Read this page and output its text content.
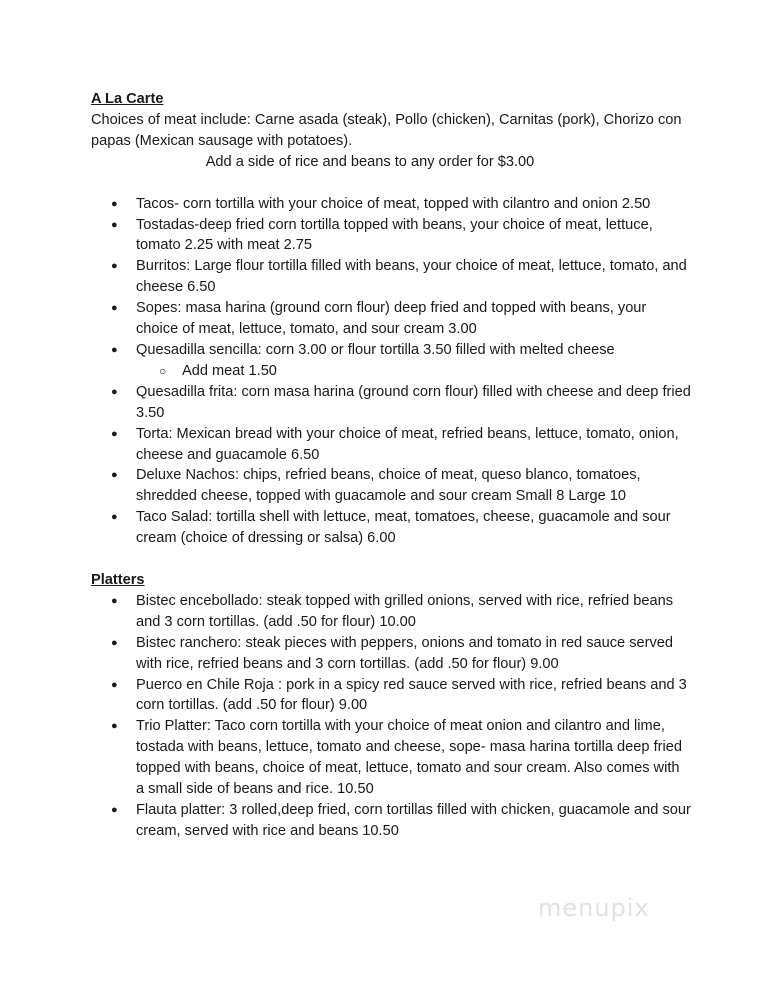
A La Carte
Choices of meat include: Carne asada (steak), Pollo (chicken), Carnitas (pork), Chorizo con papas (Mexican sausage with potatoes).
Add a side of rice and beans to any order for $3.00
● Tacos- corn tortilla with your choice of meat, topped with cilantro and onion 2.50
● Tostadas-deep fried corn tortilla topped with beans, your choice of meat, lettuce, tomato 2.25 with meat 2.75
● Burritos: Large flour tortilla filled with beans, your choice of meat, lettuce, tomato, and cheese 6.50
● Sopes: masa harina (ground corn flour) deep fried and topped with beans, your choice of meat, lettuce, tomato, and sour cream 3.00
● Quesadilla sencilla: corn 3.00 or flour tortilla 3.50 filled with melted cheese
○ Add meat 1.50
● Quesadilla frita: corn masa harina (ground corn flour) filled with cheese and deep fried 3.50
● Torta: Mexican bread with your choice of meat, refried beans, lettuce, tomato, onion, cheese and guacamole 6.50
● Deluxe Nachos: chips, refried beans, choice of meat, queso blanco, tomatoes, shredded cheese, topped with guacamole and sour cream Small 8 Large 10
● Taco Salad: tortilla shell with lettuce, meat, tomatoes, cheese, guacamole and sour cream (choice of dressing or salsa) 6.00
Platters
● Bistec encebollado: steak topped with grilled onions, served with rice, refried beans and 3 corn tortillas. (add .50 for flour) 10.00
● Bistec ranchero: steak pieces with peppers, onions and tomato in red sauce served with rice, refried beans and 3 corn tortillas. (add .50 for flour) 9.00
● Puerco en Chile Roja : pork in a spicy red sauce served with rice, refried beans and 3 corn tortillas. (add .50 for flour) 9.00
● Trio Platter: Taco corn tortilla with your choice of meat onion and cilantro and lime, tostada with beans, lettuce, tomato and cheese, sope- masa harina tortilla deep fried topped with beans, choice of meat, lettuce, tomato and sour cream. Also comes with a small side of beans and rice. 10.50
● Flauta platter: 3 rolled,deep fried, corn tortillas filled with chicken, guacamole and sour cream, served with rice and beans 10.50
menupix
